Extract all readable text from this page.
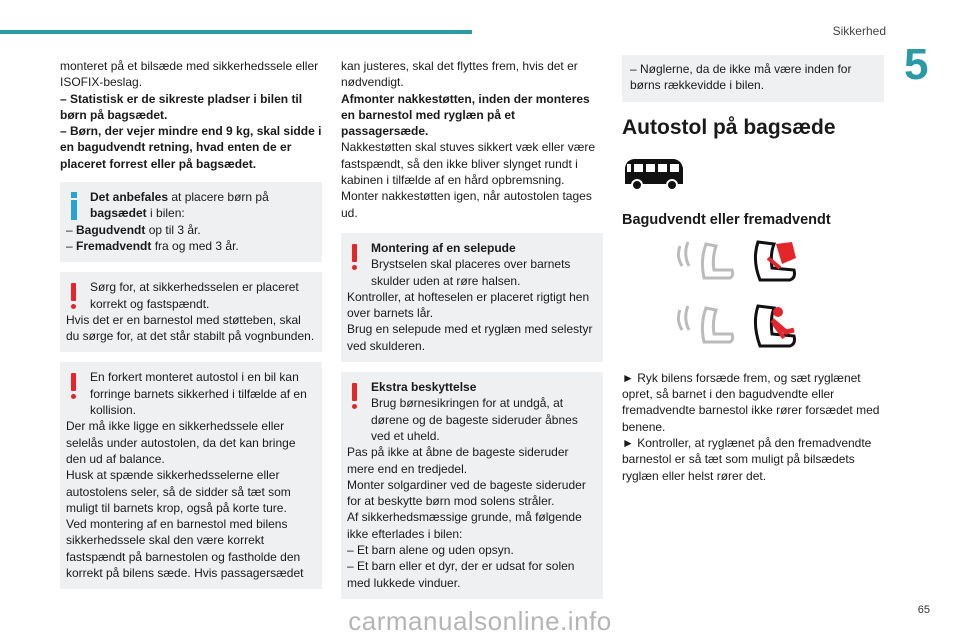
Sikkerhed
5

monteret på et bilsæde med sikkerhedssele eller ISOFIX-beslag.

– Statistisk er de sikreste pladser i bilen til børn på bagsædet.

– Børn, der vejer mindre end 9 kg, skal sidde i en bagudvendt retning, hvad enten de er placeret forrest eller på bagsædet.

Det anbefales at placere børn på bagsædet i bilen:

– Bagudvendt op til 3 år.

– Fremadvendt fra og med 3 år.

Sørg for, at sikkerhedsselen er placeret korrekt og fastspændt.

Hvis det er en barnestol med støtteben, skal du sørge for, at det står stabilt på vognbunden.

En forkert monteret autostol i en bil kan forringe barnets sikkerhed i tilfælde af en kollision.

Der må ikke ligge en sikkerhedssele eller selelås under autostolen, da det kan bringe den ud af balance.

Husk at spænde sikkerhedsselerne eller autostolens seler, så de sidder så tæt som muligt til barnets krop, også på korte ture.

Ved montering af en barnestol med bilens sikkerhedssele skal den være korrekt fastspændt på barnestolen og fastholde den korrekt på bilens sæde. Hvis passagersædet

kan justeres, skal det flyttes frem, hvis det er nødvendigt.

Afmonter nakkestøtten, inden der monteres en barnestol med ryglæn på et passagersæde.

Nakkestøtten skal stuves sikkert væk eller være fastspændt, så den ikke bliver slynget rundt i kabinen i tilfælde af en hård opbremsning. Monter nakkestøtten igen, når autostolen tages ud.

Montering af en selepude

Brystselen skal placeres over barnets skulder uden at røre halsen.

Kontroller, at hofteselen er placeret rigtigt hen over barnets lår.

Brug en selepude med et ryglæn med selestyr ved skulderen.

Ekstra beskyttelse

Brug børnesikringen for at undgå, at dørene og de bageste sideruder åbnes ved et uheld.

Pas på ikke at åbne de bageste sideruder mere end en tredjedel.

Monter solgardiner ved de bageste sideruder for at beskytte børn mod solens stråler.

Af sikkerhedsmæssige grunde, må følgende ikke efterlades i bilen:

– Et barn alene og uden opsyn.

– Et barn eller et dyr, der er udsat for solen med lukkede vinduer.

– Nøglerne, da de ikke må være inden for børns rækkevidde i bilen.

Autostol på bagsæde
Bagudvendt eller fremadvendt

► Ryk bilens forsæde frem, og sæt ryglænet opret, så barnet i den bagudvendte eller fremadvendte barnestol ikke rører forsædet med benene.

► Kontroller, at ryglænet på den fremadvendte barnestol er så tæt som muligt på bilsædets ryglæn eller helst rører det.

65
carmanualsonline.info
